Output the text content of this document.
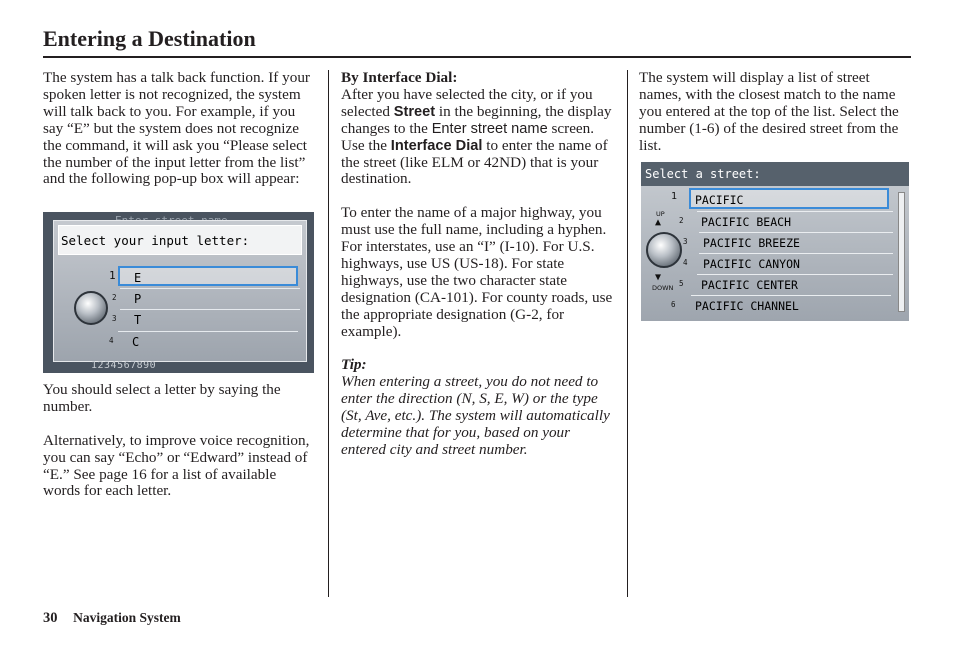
Entering a Destination

The system has a talk back function. If your spoken letter is not recognized, the system will talk back to you. For example, if you say “E” but the system does not recognize the command, it will ask you “Please select the number of the input letter from the list” and the following pop-up box will appear:

Select your input letter:
1
2
3
4
E
P
T
C
1234567890

You should select a letter by saying the number.

Alternatively, to improve voice recognition, you can say “Echo” or “Edward” instead of “E.” See page 16 for a list of available words for each letter.

By Interface Dial:

After you have selected the city, or if you selected Street in the beginning, the display changes to the Enter street name screen. Use the Interface Dial to enter the name of the street (like ELM or 42ND) that is your destination.

To enter the name of a major highway, you must use the full name, including a hyphen. For interstates, use an “I” (I-10). For U.S. highways, use US (US-18). For state highways, use the two character state designation (CA-101). For county roads, use the appropriate designation (G-2, for example).

Tip:

When entering a street, you do not need to enter the direction (N, S, E, W) or the type (St, Ave, etc.). The system will automatically determine that for you, based on your entered city and street number.

The system will display a list of street names, with the closest match to the name you entered at the top of the list. Select the number (1-6) of the desired street from the list.

Select a street:
UP
▲
▼
DOWN
1
2
3
4
5
6
PACIFIC
PACIFIC BEACH
PACIFIC BREEZE
PACIFIC CANYON
PACIFIC CENTER
PACIFIC CHANNEL
30 Navigation System
